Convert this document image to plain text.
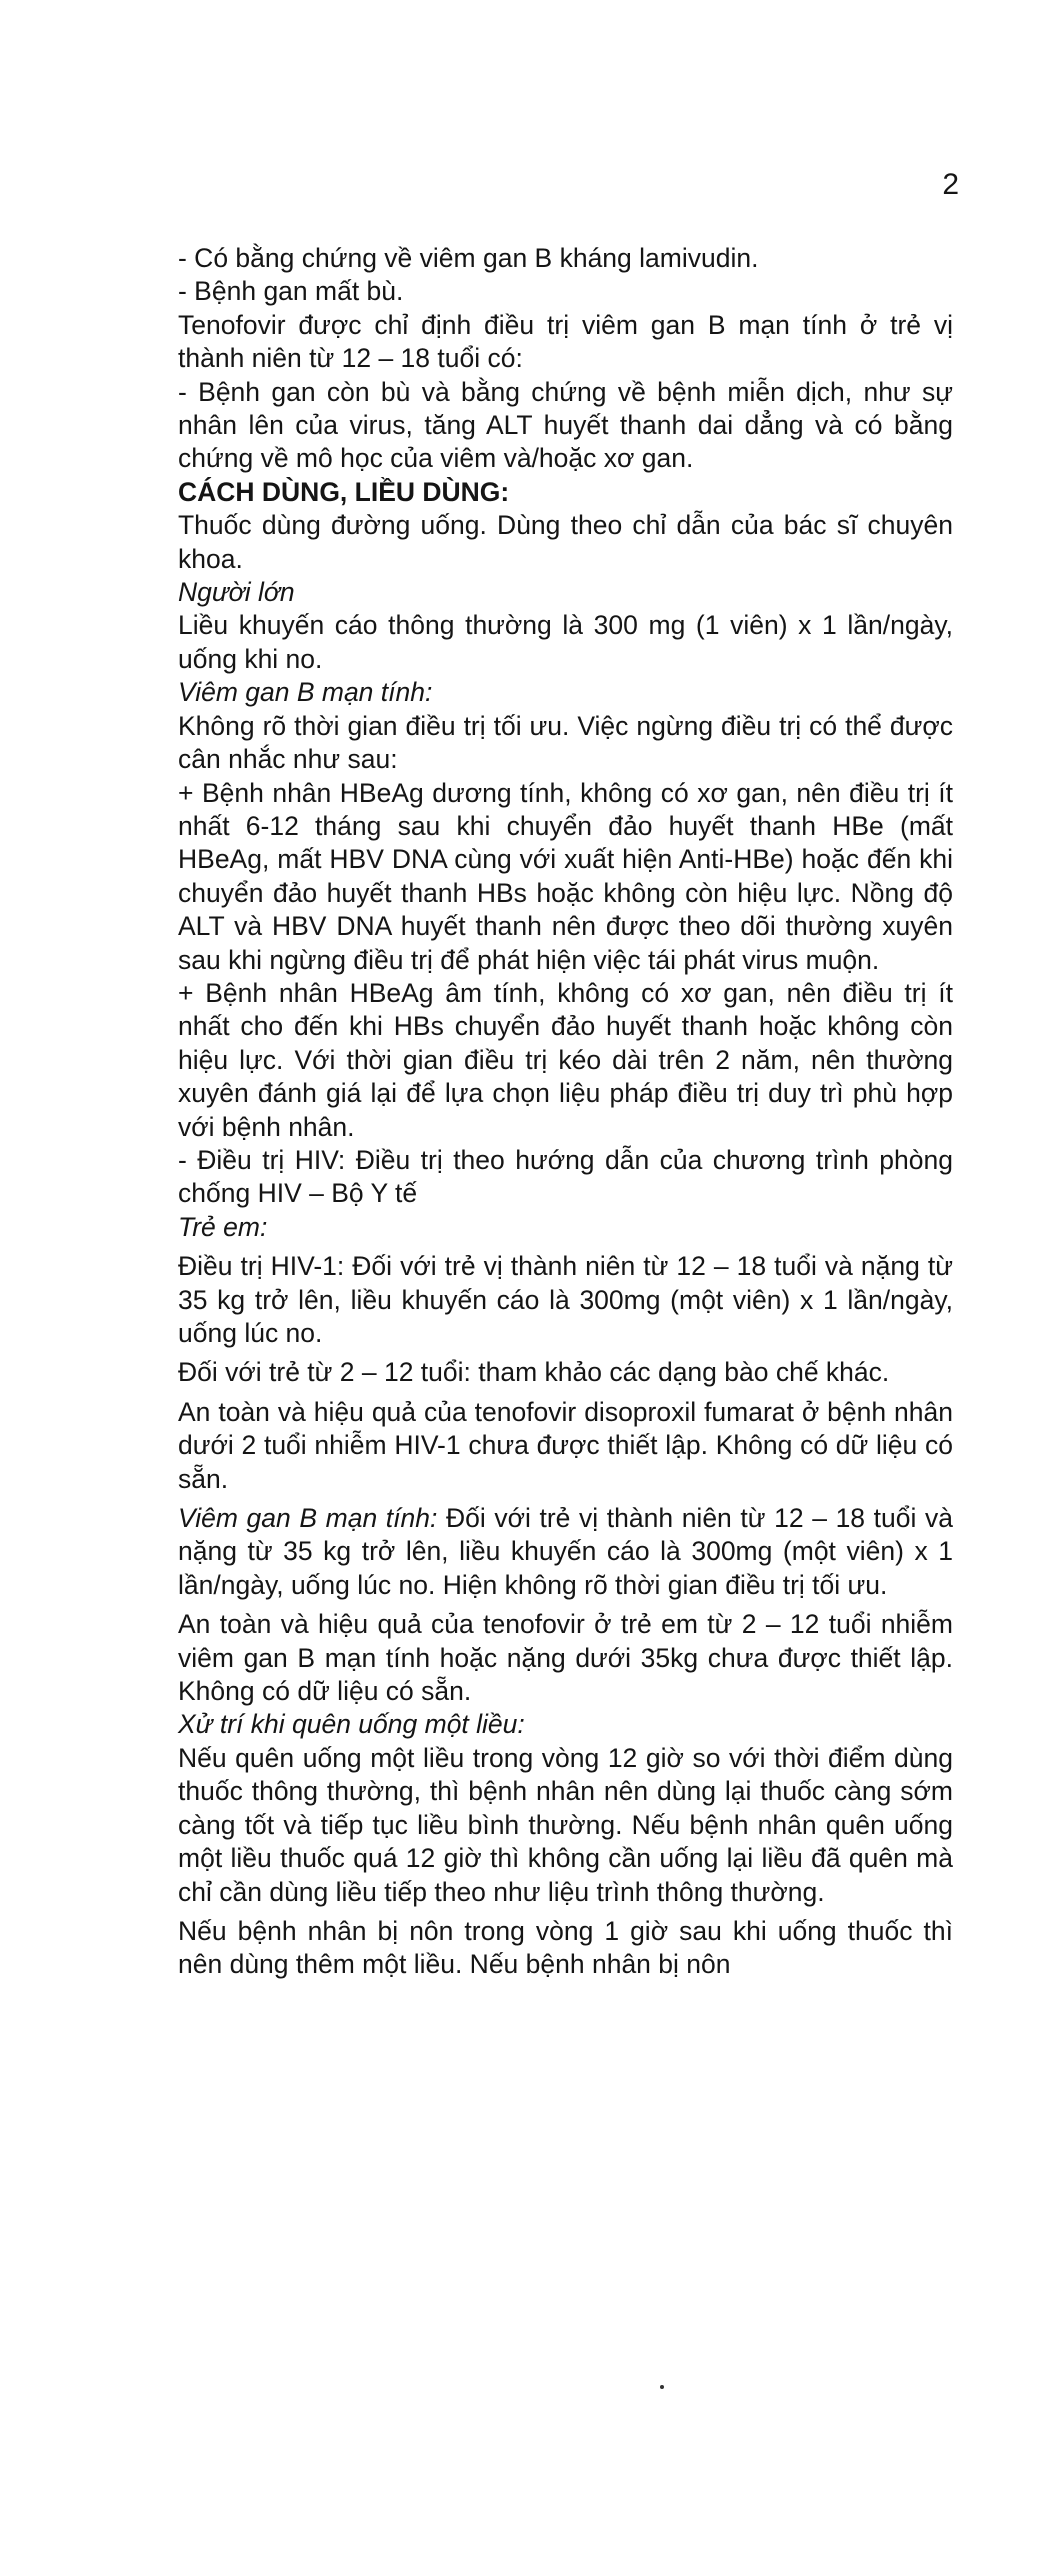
2

- Có bằng chứng về viêm gan B kháng lamivudin.

- Bệnh gan mất bù.

Tenofovir được chỉ định điều trị viêm gan B mạn tính ở trẻ vị thành niên từ 12 – 18 tuổi có:

- Bệnh gan còn bù và bằng chứng về bệnh miễn dịch, như sự nhân lên của virus, tăng ALT huyết thanh dai dẳng và có bằng chứng về mô học của viêm và/hoặc xơ gan.

CÁCH DÙNG, LIỀU DÙNG:

Thuốc dùng đường uống. Dùng theo chỉ dẫn của bác sĩ chuyên khoa.

Người lớn

Liều khuyến cáo thông thường là 300 mg (1 viên) x 1 lần/ngày, uống khi no.

Viêm gan B mạn tính:

Không rõ thời gian điều trị tối ưu. Việc ngừng điều trị có thể được cân nhắc như sau:

+ Bệnh nhân HBeAg dương tính, không có xơ gan, nên điều trị ít nhất 6-12 tháng sau khi chuyển đảo huyết thanh HBe (mất HBeAg, mất HBV DNA cùng với xuất hiện Anti-HBe) hoặc đến khi chuyển đảo huyết thanh HBs hoặc không còn hiệu lực. Nồng độ ALT và HBV DNA huyết thanh nên được theo dõi thường xuyên sau khi ngừng điều trị để phát hiện việc tái phát virus muộn.

+ Bệnh nhân HBeAg âm tính, không có xơ gan, nên điều trị ít nhất cho đến khi HBs chuyển đảo huyết thanh hoặc không còn hiệu lực. Với thời gian điều trị kéo dài trên 2 năm, nên thường xuyên đánh giá lại để lựa chọn liệu pháp điều trị duy trì phù hợp với bệnh nhân.

- Điều trị HIV: Điều trị theo hướng dẫn của chương trình phòng chống HIV – Bộ Y tế

Trẻ em:

Điều trị HIV-1: Đối với trẻ vị thành niên từ 12 – 18 tuổi và nặng từ 35 kg trở lên, liều khuyến cáo là 300mg (một viên) x 1 lần/ngày, uống lúc no.

Đối với trẻ từ 2 – 12 tuổi: tham khảo các dạng bào chế khác.

An toàn và hiệu quả của tenofovir disoproxil fumarat ở bệnh nhân dưới 2 tuổi nhiễm HIV-1 chưa được thiết lập. Không có dữ liệu có sẵn.

Viêm gan B mạn tính: Đối với trẻ vị thành niên từ 12 – 18 tuổi và nặng từ 35 kg trở lên, liều khuyến cáo là 300mg (một viên) x 1 lần/ngày, uống lúc no. Hiện không rõ thời gian điều trị tối ưu.

An toàn và hiệu quả của tenofovir ở trẻ em từ 2 – 12 tuổi nhiễm viêm gan B mạn tính hoặc nặng dưới 35kg chưa được thiết lập. Không có dữ liệu có sẵn.

Xử trí khi quên uống một liều:

Nếu quên uống một liều trong vòng 12 giờ so với thời điểm dùng thuốc thông thường, thì bệnh nhân nên dùng lại thuốc càng sớm càng tốt và tiếp tục liều bình thường. Nếu bệnh nhân quên uống một liều thuốc quá 12 giờ thì không cần uống lại liều đã quên mà chỉ cần dùng liều tiếp theo như liệu trình thông thường.

Nếu bệnh nhân bị nôn trong vòng 1 giờ sau khi uống thuốc thì nên dùng thêm một liều. Nếu bệnh nhân bị nôn
